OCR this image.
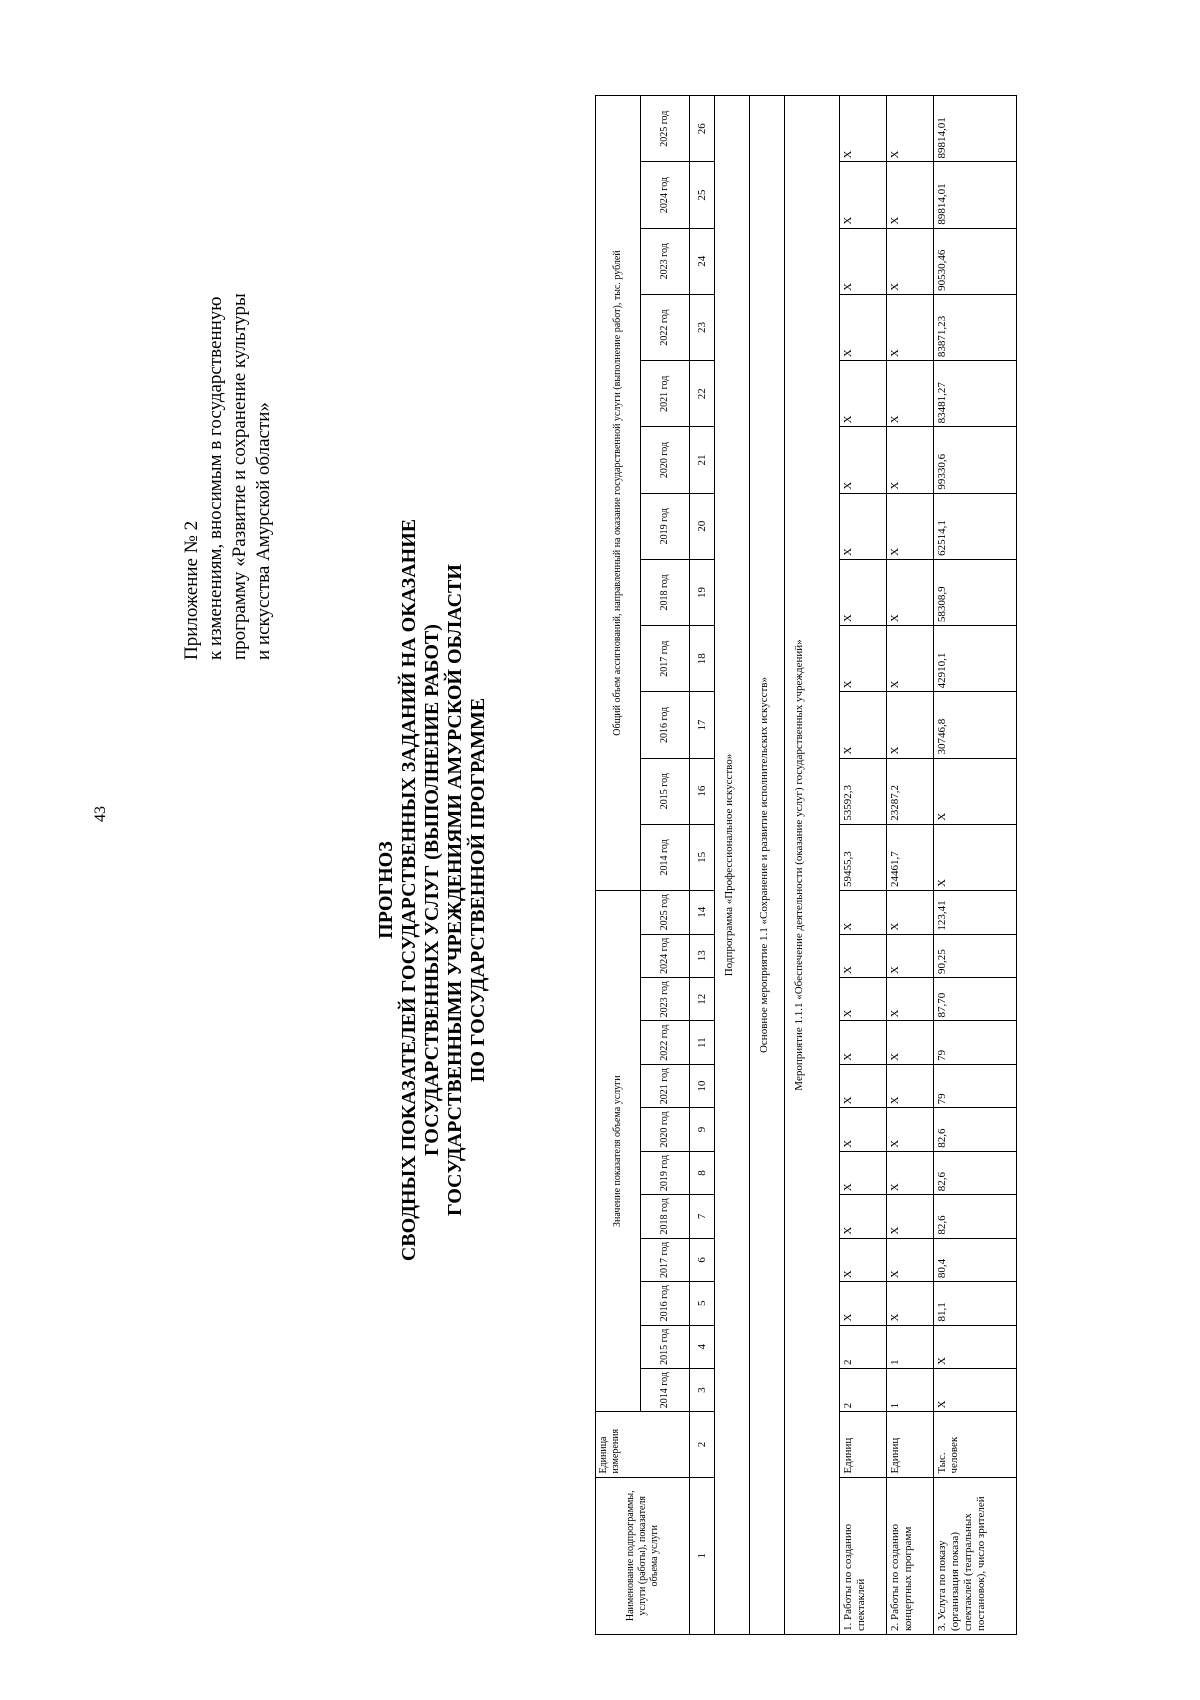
43
Приложение № 2 к изменениям, вносимым в государственную программу «Развитие и сохранение культуры и искусства Амурской области»
ПРОГНОЗ СВОДНЫХ ПОКАЗАТЕЛЕЙ ГОСУДАРСТВЕННЫХ ЗАДАНИЙ НА ОКАЗАНИЕ ГОСУДАРСТВЕННЫХ УСЛУГ (ВЫПОЛНЕНИЕ РАБОТ) ГОСУДАРСТВЕННЫМИ УЧРЕЖДЕНИЯМИ АМУРСКОЙ ОБЛАСТИ ПО ГОСУДАРСТВЕННОЙ ПРОГРАММЕ
Наименование подпрограммы, услуги (работы), показателя объема услуги	Единица измерения	Значение показателя объема услуги												Общий объем ассигнований, направленный на оказание государственной услуги (выполнение работ), тыс. рублей											
		2014 год	2015 год	2016 год	2017 год	2018 год	2019 год	2020 год	2021 год	2022 год	2023 год	2024 год	2025 год	2014 год	2015 год	2016 год	2017 год	2018 год	2019 год	2020 год	2021 год	2022 год	2023 год	2024 год	2025 год
1	2	3	4	5	6	7	8	9	10	11	12	13	14	15	16	17	18	19	20	21	22	23	24	25	26
Подпрограмма «Профессиональное искусство»																									
Основное мероприятие 1.1 «Сохранение и развитие исполнительских искусств»																									
Мероприятие 1.1.1 «Обеспечение деятельности (оказание услуг) государственных учреждений»																									
1. Работы по созданию спектаклей	Единиц	2	2	Х	Х	Х	Х	Х	Х	Х	Х	Х	Х	59455,3	53592,3	Х	Х	Х	Х	Х	Х	Х	Х	Х	Х
2. Работы по созданию концертных программ	Единиц	1	1	Х	Х	Х	Х	Х	Х	Х	Х	Х	Х	24461,7	23287,2	Х	Х	Х	Х	Х	Х	Х	Х	Х	Х
3. Услуга по показу (организация показа) спектаклей (театральных постановок), число зрителей	Тыс. человек	Х	Х	81,1	80,4	82,6	82,6	82,6	79	79	87,70	90,25	123,41	Х	Х	30746,8	42910,1	58308,9	62514,1	99330,6	83481,27	83871,23	90530,46	89814,01	89814,01
